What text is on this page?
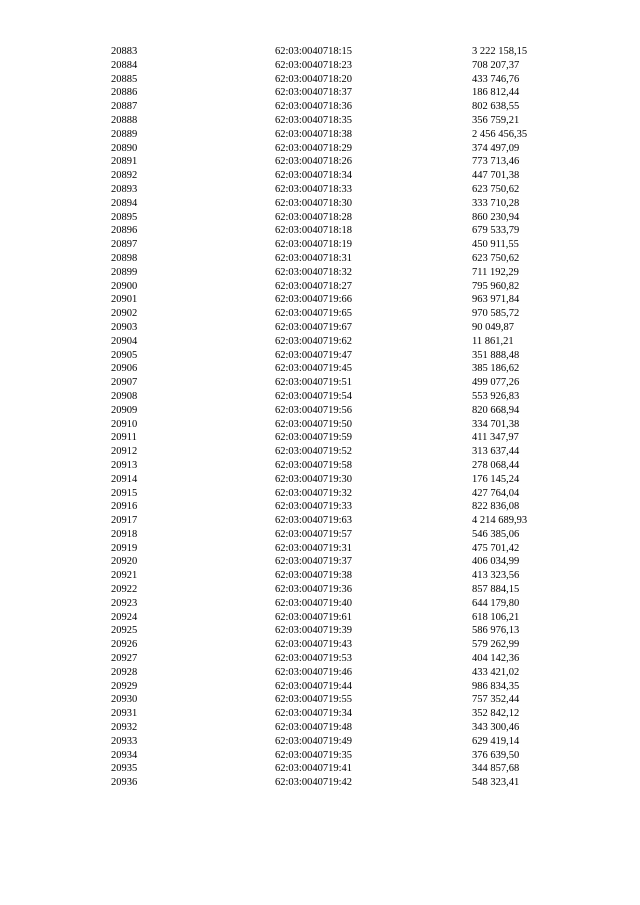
20883	62:03:0040718:15	3 222 158,15
20884	62:03:0040718:23	708 207,37
20885	62:03:0040718:20	433 746,76
20886	62:03:0040718:37	186 812,44
20887	62:03:0040718:36	802 638,55
20888	62:03:0040718:35	356 759,21
20889	62:03:0040718:38	2 456 456,35
20890	62:03:0040718:29	374 497,09
20891	62:03:0040718:26	773 713,46
20892	62:03:0040718:34	447 701,38
20893	62:03:0040718:33	623 750,62
20894	62:03:0040718:30	333 710,28
20895	62:03:0040718:28	860 230,94
20896	62:03:0040718:18	679 533,79
20897	62:03:0040718:19	450 911,55
20898	62:03:0040718:31	623 750,62
20899	62:03:0040718:32	711 192,29
20900	62:03:0040718:27	795 960,82
20901	62:03:0040719:66	963 971,84
20902	62:03:0040719:65	970 585,72
20903	62:03:0040719:67	90 049,87
20904	62:03:0040719:62	11 861,21
20905	62:03:0040719:47	351 888,48
20906	62:03:0040719:45	385 186,62
20907	62:03:0040719:51	499 077,26
20908	62:03:0040719:54	553 926,83
20909	62:03:0040719:56	820 668,94
20910	62:03:0040719:50	334 701,38
20911	62:03:0040719:59	411 347,97
20912	62:03:0040719:52	313 637,44
20913	62:03:0040719:58	278 068,44
20914	62:03:0040719:30	176 145,24
20915	62:03:0040719:32	427 764,04
20916	62:03:0040719:33	822 836,08
20917	62:03:0040719:63	4 214 689,93
20918	62:03:0040719:57	546 385,06
20919	62:03:0040719:31	475 701,42
20920	62:03:0040719:37	406 034,99
20921	62:03:0040719:38	413 323,56
20922	62:03:0040719:36	857 884,15
20923	62:03:0040719:40	644 179,80
20924	62:03:0040719:61	618 106,21
20925	62:03:0040719:39	586 976,13
20926	62:03:0040719:43	579 262,99
20927	62:03:0040719:53	404 142,36
20928	62:03:0040719:46	433 421,02
20929	62:03:0040719:44	986 834,35
20930	62:03:0040719:55	757 352,44
20931	62:03:0040719:34	352 842,12
20932	62:03:0040719:48	343 300,46
20933	62:03:0040719:49	629 419,14
20934	62:03:0040719:35	376 639,50
20935	62:03:0040719:41	344 857,68
20936	62:03:0040719:42	548 323,41
